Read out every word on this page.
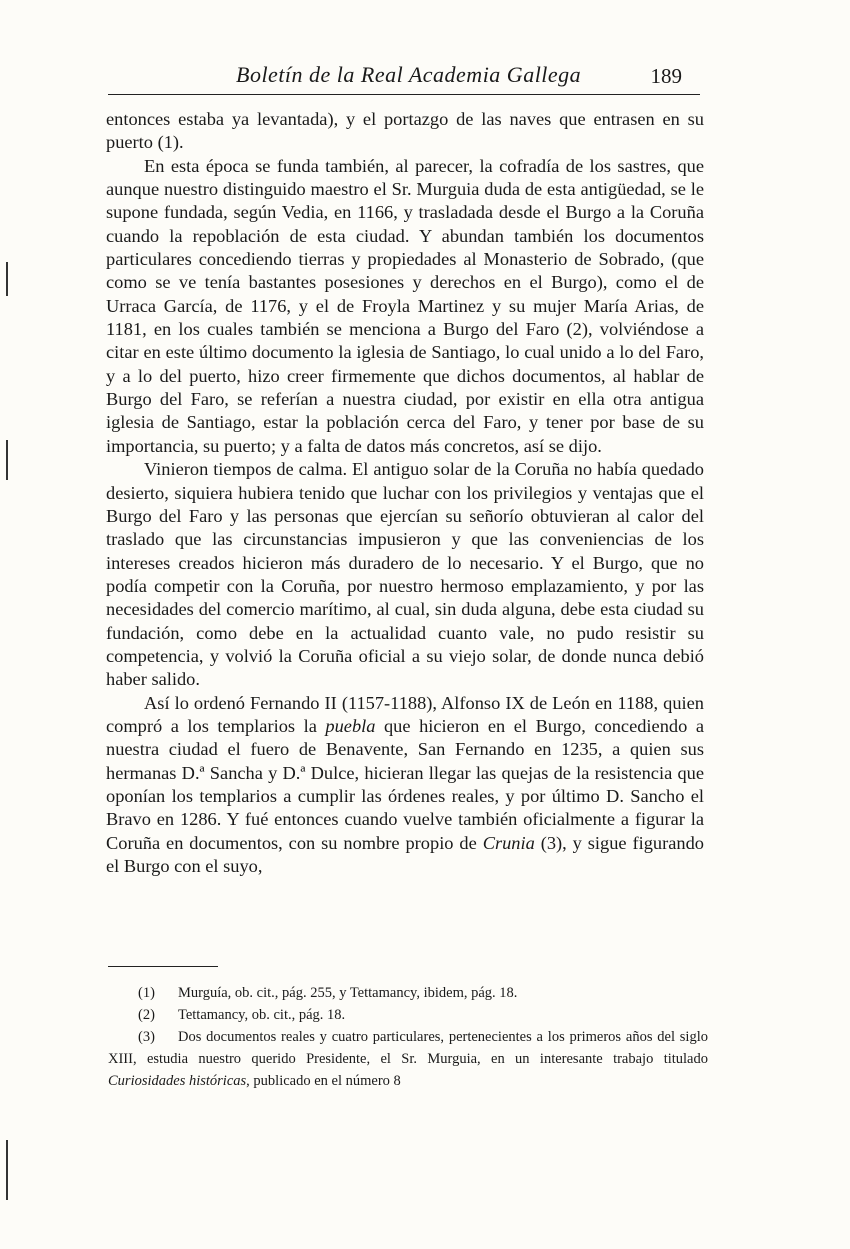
Boletín de la Real Academia Gallega	189

entonces estaba ya levantada), y el portazgo de las naves que entrasen en su puerto (1).

En esta época se funda también, al parecer, la cofradía de los sastres, que aunque nuestro distinguido maestro el Sr. Murguia duda de esta antigüedad, se le supone fundada, según Vedia, en 1166, y trasladada desde el Burgo a la Coruña cuando la repoblación de esta ciudad. Y abundan también los documentos particulares concediendo tierras y propiedades al Monasterio de Sobrado, (que como se ve tenía bastantes posesiones y derechos en el Burgo), como el de Urraca García, de 1176, y el de Froyla Martinez y su mujer María Arias, de 1181, en los cuales también se menciona a Burgo del Faro (2), volviéndose a citar en este último documento la iglesia de Santiago, lo cual unido a lo del Faro, y a lo del puerto, hizo creer firmemente que dichos documentos, al hablar de Burgo del Faro, se referían a nuestra ciudad, por existir en ella otra antigua iglesia de Santiago, estar la población cerca del Faro, y tener por base de su importancia, su puerto; y a falta de datos más concretos, así se dijo.

Vinieron tiempos de calma. El antiguo solar de la Coruña no había quedado desierto, siquiera hubiera tenido que luchar con los privilegios y ventajas que el Burgo del Faro y las personas que ejercían su señorío obtuvieran al calor del traslado que las circunstancias impusieron y que las conveniencias de los intereses creados hicieron más duradero de lo necesario. Y el Burgo, que no podía competir con la Coruña, por nuestro hermoso emplazamiento, y por las necesidades del comercio marítimo, al cual, sin duda alguna, debe esta ciudad su fundación, como debe en la actualidad cuanto vale, no pudo resistir su competencia, y volvió la Coruña oficial a su viejo solar, de donde nunca debió haber salido.

Así lo ordenó Fernando II (1157-1188), Alfonso IX de León en 1188, quien compró a los templarios la puebla que hicieron en el Burgo, concediendo a nuestra ciudad el fuero de Benavente, San Fernando en 1235, a quien sus hermanas D.ª Sancha y D.ª Dulce, hicieran llegar las quejas de la resistencia que oponían los templarios a cumplir las órdenes reales, y por último D. Sancho el Bravo en 1286. Y fué entonces cuando vuelve también oficialmente a figurar la Coruña en documentos, con su nombre propio de Crunia (3), y sigue figurando el Burgo con el suyo,

(1) Murguía, ob. cit., pág. 255, y Tettamancy, ibidem, pág. 18.

(2) Tettamancy, ob. cit., pág. 18.

(3) Dos documentos reales y cuatro particulares, pertenecientes a los primeros años del siglo XIII, estudia nuestro querido Presidente, el Sr. Murguia, en un interesante trabajo titulado Curiosidades históricas, publicado en el número 8
